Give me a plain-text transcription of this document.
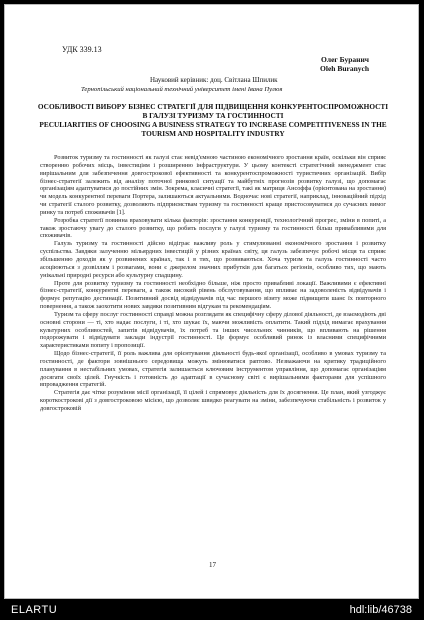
УДК 339.13
Олег Буранич
Oleh Buranych
Науковий керівник: доц. Світлана Шпилик
Тернопільський національний технічний університет імені Івана Пулюя
ОСОБЛИВОСТІ ВИБОРУ БІЗНЕС СТРАТЕГІЇ ДЛЯ ПІДВИЩЕННЯ КОНКУРЕНТОСПРОМОЖНОСТІ В ГАЛУЗІ ТУРИЗМУ ТА ГОСТИННОСТІ
PECULIARITIES OF CHOOSING A BUSINESS STRATEGY TO INCREASE COMPETITIVENESS IN THE TOURISM AND HOSPITALITY INDUSTRY

Розвиток туризму та гостинності як галузі стає невід'ємною частиною економічного зростання країн, оскільки він сприяє створенню робочих місць, інвестиціям і розширенню інфраструктури. У цьому контексті стратегічний менеджмент стає вирішальним для забезпечення довгострокової ефективності та конкурентоспроможності туристичних організацій. Вибір бізнес-стратегії залежить від аналізу поточної ринкової ситуації та майбутніх прогнозів розвитку галузі, що допомагає організаціям адаптуватися до постійних змін. Зокрема, класичні стратегії, такі як матриця Ансоффа (орієнтована на зростання) чи модель конкурентної переваги Портера, залишаються актуальними. Водночас нові стратегії, наприклад, інноваційний підхід чи стратегії сталого розвитку, дозволяють підприємствам туризму та гостинності краще пристосовуватися до сучасних вимог ринку та потреб споживачів [1].

Розробка стратегії повинна враховувати кілька факторів: зростання конкуренції, технологічний прогрес, зміни в попиті, а також зростаючу увагу до сталого розвитку, що робить послуги у галузі туризму та гостинності більш привабливими для споживачів.

Галузь туризму та гостинності дійсно відіграє важливу роль у стимулюванні економічного зростання і розвитку суспільства. Завдяки залученню мільярдних інвестицій у різних країнах світу, ця галузь забезпечує робочі місця та сприяє збільшенню доходів як у розвинених країнах, так і в тих, що розвиваються. Хоча туризм та галузь гостинності часто асоціюються з дозвіллям і розвагами, вони є джерелом значних прибутків для багатьох регіонів, особливо тих, що мають унікальні природні ресурси або культурну спадщину.

Проте для розвитку туризму та гостинності необхідно більше, ніж просто привабливі локації. Важливими є ефективні бізнес-стратегії, конкурентні переваги, а також високий рівень обслуговування, що впливає на задоволеність відвідувачів і формує репутацію дестинації. Позитивний досвід відвідувачів під час першого візиту може підвищити шанс їх повторного повернення, а також заохотити нових завдяки позитивним відгукам та рекомендаціям.

Туризм та сферу послуг гостинності справді можна розглядати як специфічну сферу ділової діяльності, де взаємодіють дві основні сторони — ті, хто надає послуги, і ті, хто шукає їх, маючи можливість оплатити. Такий підхід вимагає врахування культурних особливостей, запитів відвідувачів, їх потреб та інших чисельних чинників, що впливають на рішення подорожувати і відвідувати заклади індустрії гостинності. Це формує особливий ринок із власними специфічними характеристиками попиту і пропозиції.

Щодо бізнес-стратегії, її роль важлива для орієнтування діяльності будь-якої організації, особливо в умовах туризму та гостинності, де фактори зовнішнього середовища можуть змінюватися раптово. Незважаючи на критику традиційного планування в нестабільних умовах, стратегія залишається ключовим інструментом управління, що допомагає організаціям досягати своїх цілей. Гнучкість і готовність до адаптації в сучасному світі є вирішальними факторами для успішного впровадження стратегій.

Стратегія дає чітке розуміння місії організації, її цілей і спрямовує діяльність для їх досягнення. Це план, який узгоджує короткострокові дії з довгостроковою місією, що дозволяє швидко реагувати на зміни, забезпечуючи стабільність і розвиток у довгостроковій

17
ELARTU	hdl:lib/46738
